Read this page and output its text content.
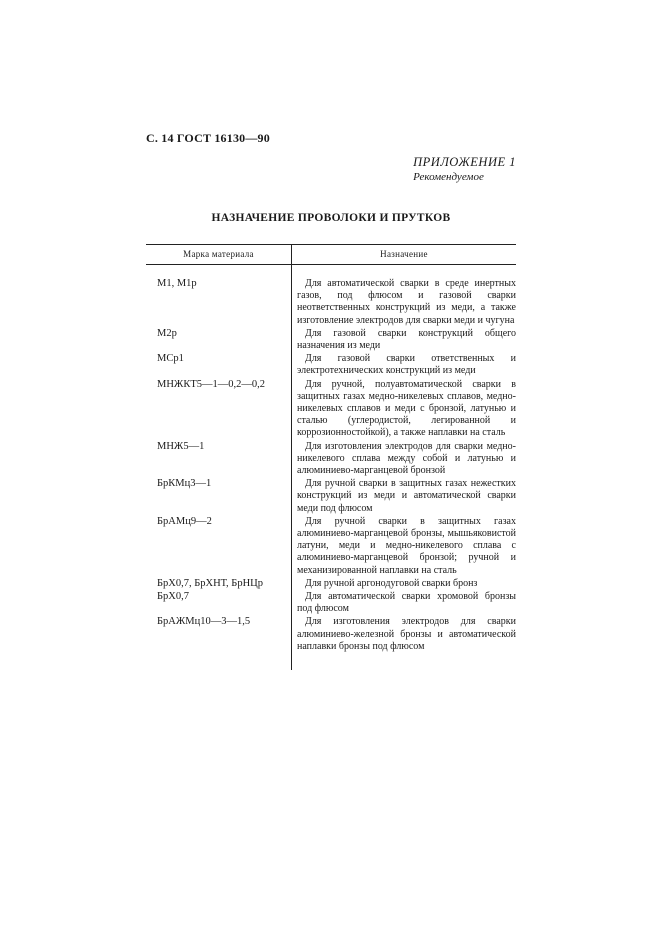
С. 14 ГОСТ 16130—90
ПРИЛОЖЕНИЕ 1
Рекомендуемое
НАЗНАЧЕНИЕ ПРОВОЛОКИ И ПРУТКОВ
Марка материала	Назначение
М1, М1р	Для автоматической сварки в среде инертных газов, под флюсом и газовой сварки неответственных конструкций из меди, а также изготовление электродов для сварки меди и чугуна
М2р	Для газовой сварки конструкций общего назначения из меди
МСр1	Для газовой сварки ответственных и электротехнических конструкций из меди
МНЖКТ5—1—0,2—0,2	Для ручной, полуавтоматической сварки в защитных газах медно-никелевых сплавов, медно-никелевых сплавов и меди с бронзой, латунью и сталью (углеродистой, легированной и коррозионностойкой), а также наплавки на сталь
МНЖ5—1	Для изготовления электродов для сварки медно-никелевого сплава между собой и латунью и алюминиево-марганцевой бронзой
БрКМц3—1	Для ручной сварки в защитных газах нежестких конструкций из меди и автоматической сварки меди под флюсом
БрАМц9—2	Для ручной сварки в защитных газах алюминиево-марганцевой бронзы, мышьяковистой латуни, меди и медно-никелевого сплава с алюминиево-марганцевой бронзой; ручной и механизированной наплавки на сталь
БрХ0,7, БрХНТ, БрНЦр	Для ручной аргонодуговой сварки бронз
БрХ0,7	Для автоматической сварки хромовой бронзы под флюсом
БрАЖМц10—3—1,5	Для изготовления электродов для сварки алюминиево-железной бронзы и автоматической наплавки бронзы под флюсом
